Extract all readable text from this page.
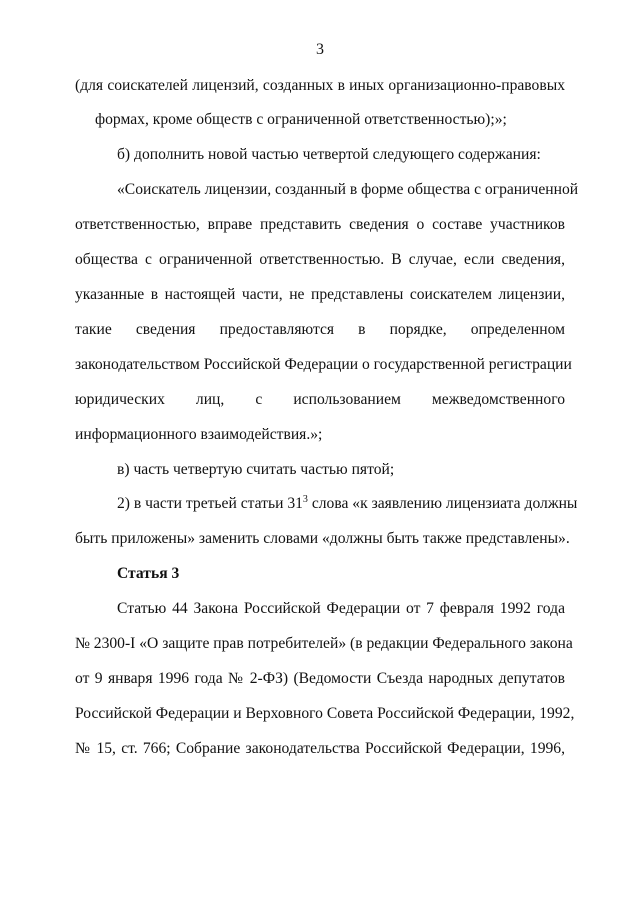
3
(для соискателей лицензий, созданных в иных организационно-правовых
формах, кроме обществ с ограниченной ответственностью);»;
б) дополнить новой частью четвертой следующего содержания:
«Соискатель лицензии, созданный в форме общества с ограниченной
ответственностью, вправе представить сведения о составе участников
общества с ограниченной ответственностью. В случае, если сведения,
указанные в настоящей части, не представлены соискателем лицензии,
такие сведения предоставляются в порядке, определенном
законодательством Российской Федерации о государственной регистрации
юридических лиц, с использованием межведомственного
информационного взаимодействия.»;
в) часть четвертую считать частью пятой;
2) в части третьей статьи $31^3$ слова «к заявлению лицензиата должны
быть приложены» заменить словами «должны быть также представлены».
Статья 3
Статью 44 Закона Российской Федерации от 7 февраля 1992 года
№ 2300-I «О защите прав потребителей» (в редакции Федерального закона
от 9 января 1996 года № 2-ФЗ) (Ведомости Съезда народных депутатов
Российской Федерации и Верховного Совета Российской Федерации, 1992,
№ 15, ст. 766; Собрание законодательства Российской Федерации, 1996,
